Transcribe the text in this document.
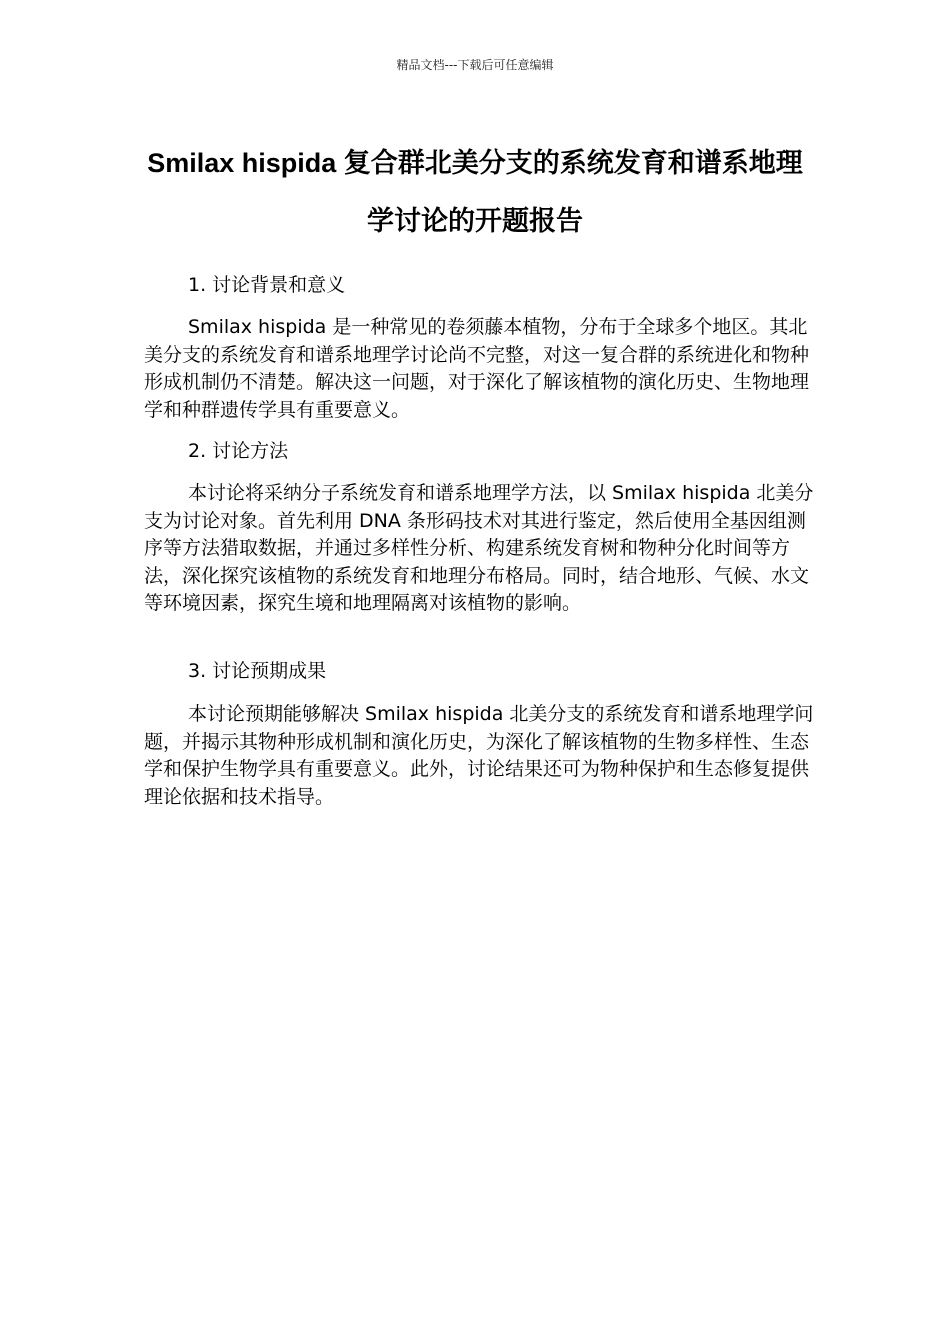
精品文档---下载后可任意编辑
Smilax hispida 复合群北美分支的系统发育和谱系地理学讨论的开题报告
1. 讨论背景和意义

Smilax hispida 是一种常见的卷须藤本植物，分布于全球多个地区。其北美分支的系统发育和谱系地理学讨论尚不完整，对这一复合群的系统进化和物种形成机制仍不清楚。解决这一问题，对于深化了解该植物的演化历史、生物地理学和种群遗传学具有重要意义。

2. 讨论方法

本讨论将采纳分子系统发育和谱系地理学方法，以 Smilax hispida 北美分支为讨论对象。首先利用 DNA 条形码技术对其进行鉴定，然后使用全基因组测序等方法猎取数据，并通过多样性分析、构建系统发育树和物种分化时间等方法，深化探究该植物的系统发育和地理分布格局。同时，结合地形、气候、水文等环境因素，探究生境和地理隔离对该植物的影响。

3. 讨论预期成果

本讨论预期能够解决 Smilax hispida 北美分支的系统发育和谱系地理学问题，并揭示其物种形成机制和演化历史，为深化了解该植物的生物多样性、生态学和保护生物学具有重要意义。此外，讨论结果还可为物种保护和生态修复提供理论依据和技术指导。
